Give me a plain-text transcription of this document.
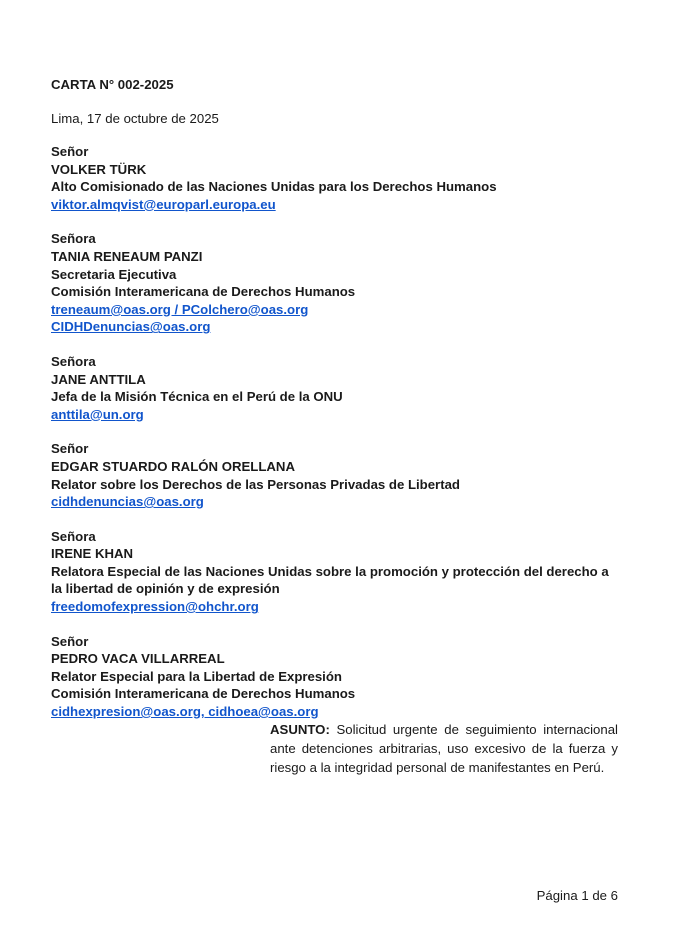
CARTA N° 002-2025

Lima, 17 de octubre de 2025

Señor
VOLKER TÜRK
Alto Comisionado de las Naciones Unidas para los Derechos Humanos
viktor.almqvist@europarl.europa.eu
Señora
TANIA RENEAUM PANZI
Secretaria Ejecutiva
Comisión Interamericana de Derechos Humanos
treneaum@oas.org / PColchero@oas.org
CIDHDenuncias@oas.org
Señora
JANE ANTTILA
Jefa de la Misión Técnica en el Perú de la ONU
anttila@un.org
Señor
EDGAR STUARDO RALÓN ORELLANA
Relator sobre los Derechos de las Personas Privadas de Libertad
cidhdenuncias@oas.org
Señora
IRENE KHAN
Relatora Especial de las Naciones Unidas sobre la promoción y protección del derecho a
la libertad de opinión y de expresión
freedomofexpression@ohchr.org
Señor
PEDRO VACA VILLARREAL
Relator Especial para la Libertad de Expresión
Comisión Interamericana de Derechos Humanos
cidhexpresion@oas.org, cidhoea@oas.org
ASUNTO: Solicitud urgente de seguimiento internacional ante detenciones arbitrarias, uso excesivo de la fuerza y riesgo a la integridad personal de manifestantes en Perú.
Página 1 de 6
